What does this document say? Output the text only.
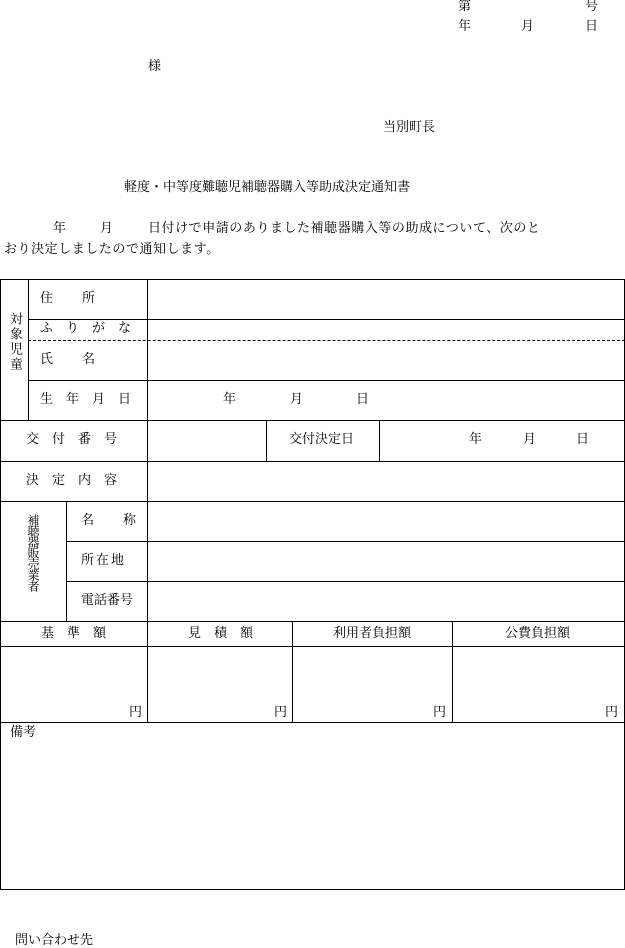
第	号
年	月	日
様
当別町長
軽度・中等度難聴児補聴器購入等助成決定通知書
年	月	日付けで申請のありました補聴器購入等の助成について、次のと
おり決定しましたので通知します。
対象児童
住　　所
ふ　り　が　な
氏　　名
生　年　月　日	年	月	日
交　付　番　号	交付決定日	年	月	日
決　定　内　容
補聴器販売業者	名　　称
所在地
電話番号
基　準　額	見　積　額	利用者負担額	公費負担額
円	円	円	円
備考
問い合わせ先
